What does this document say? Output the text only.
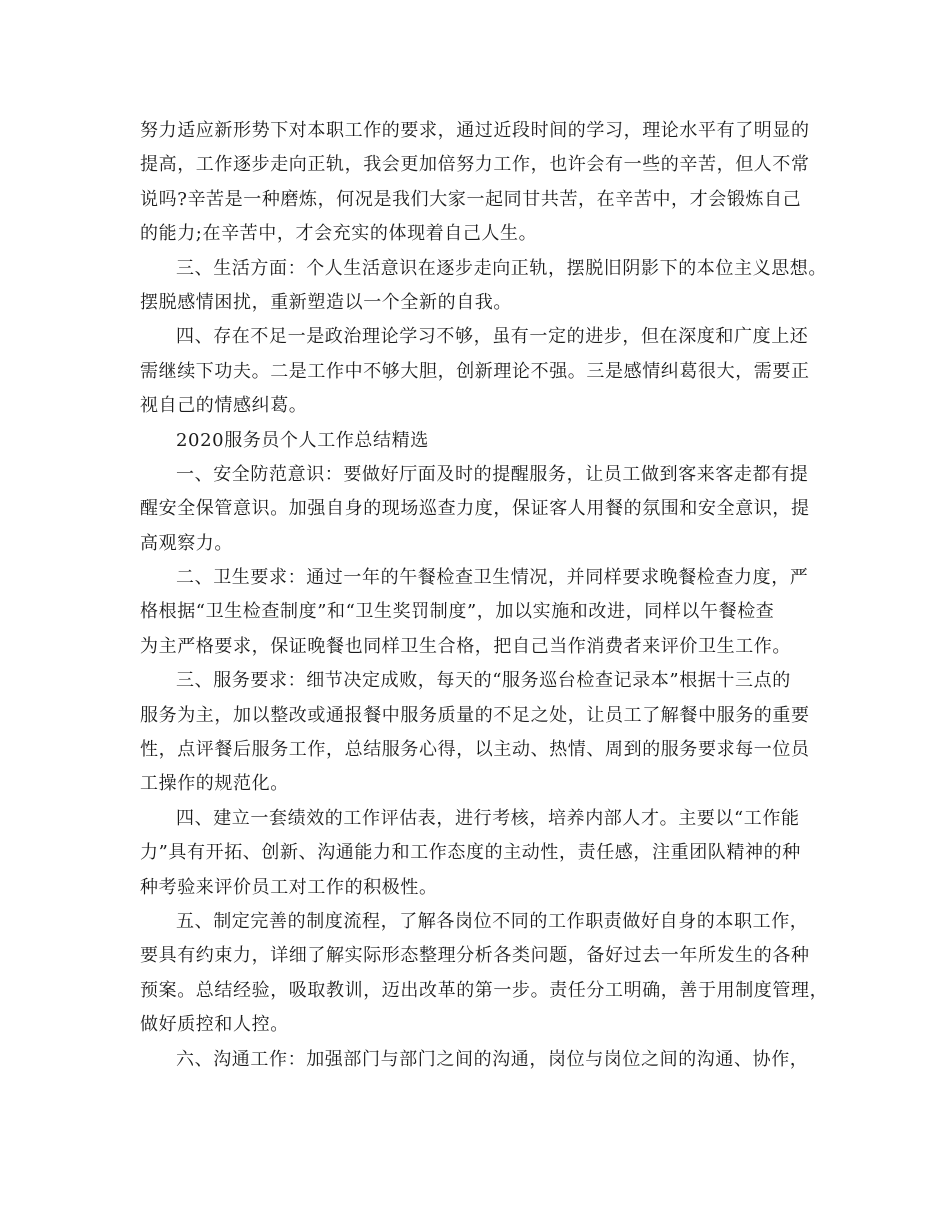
努力适应新形势下对本职工作的要求，通过近段时间的学习，理论水平有了明显的
提高，工作逐步走向正轨，我会更加倍努力工作，也许会有一些的辛苦，但人不常
说吗?辛苦是一种磨炼，何况是我们大家一起同甘共苦，在辛苦中，才会锻炼自己
的能力;在辛苦中，才会充实的体现着自己人生。
三、生活方面：个人生活意识在逐步走向正轨，摆脱旧阴影下的本位主义思想。
摆脱感情困扰，重新塑造以一个全新的自我。
四、存在不足一是政治理论学习不够，虽有一定的进步，但在深度和广度上还
需继续下功夫。二是工作中不够大胆，创新理论不强。三是感情纠葛很大，需要正
视自己的情感纠葛。
2020服务员个人工作总结精选
一、安全防范意识：要做好厅面及时的提醒服务，让员工做到客来客走都有提
醒安全保管意识。加强自身的现场巡查力度，保证客人用餐的氛围和安全意识，提
高观察力。
二、卫生要求：通过一年的午餐检查卫生情况，并同样要求晚餐检查力度，严
格根据“卫生检查制度”和“卫生奖罚制度”，加以实施和改进，同样以午餐检查
为主严格要求，保证晚餐也同样卫生合格，把自己当作消费者来评价卫生工作。
三、服务要求：细节决定成败，每天的“服务巡台检查记录本”根据十三点的
服务为主，加以整改或通报餐中服务质量的不足之处，让员工了解餐中服务的重要
性，点评餐后服务工作，总结服务心得，以主动、热情、周到的服务要求每一位员
工操作的规范化。
四、建立一套绩效的工作评估表，进行考核，培养内部人才。主要以“工作能
力”具有开拓、创新、沟通能力和工作态度的主动性，责任感，注重团队精神的种
种考验来评价员工对工作的积极性。
五、制定完善的制度流程，了解各岗位不同的工作职责做好自身的本职工作，
要具有约束力，详细了解实际形态整理分析各类问题，备好过去一年所发生的各种
预案。总结经验，吸取教训，迈出改革的第一步。责任分工明确，善于用制度管理，
做好质控和人控。
六、沟通工作：加强部门与部门之间的沟通，岗位与岗位之间的沟通、协作，
